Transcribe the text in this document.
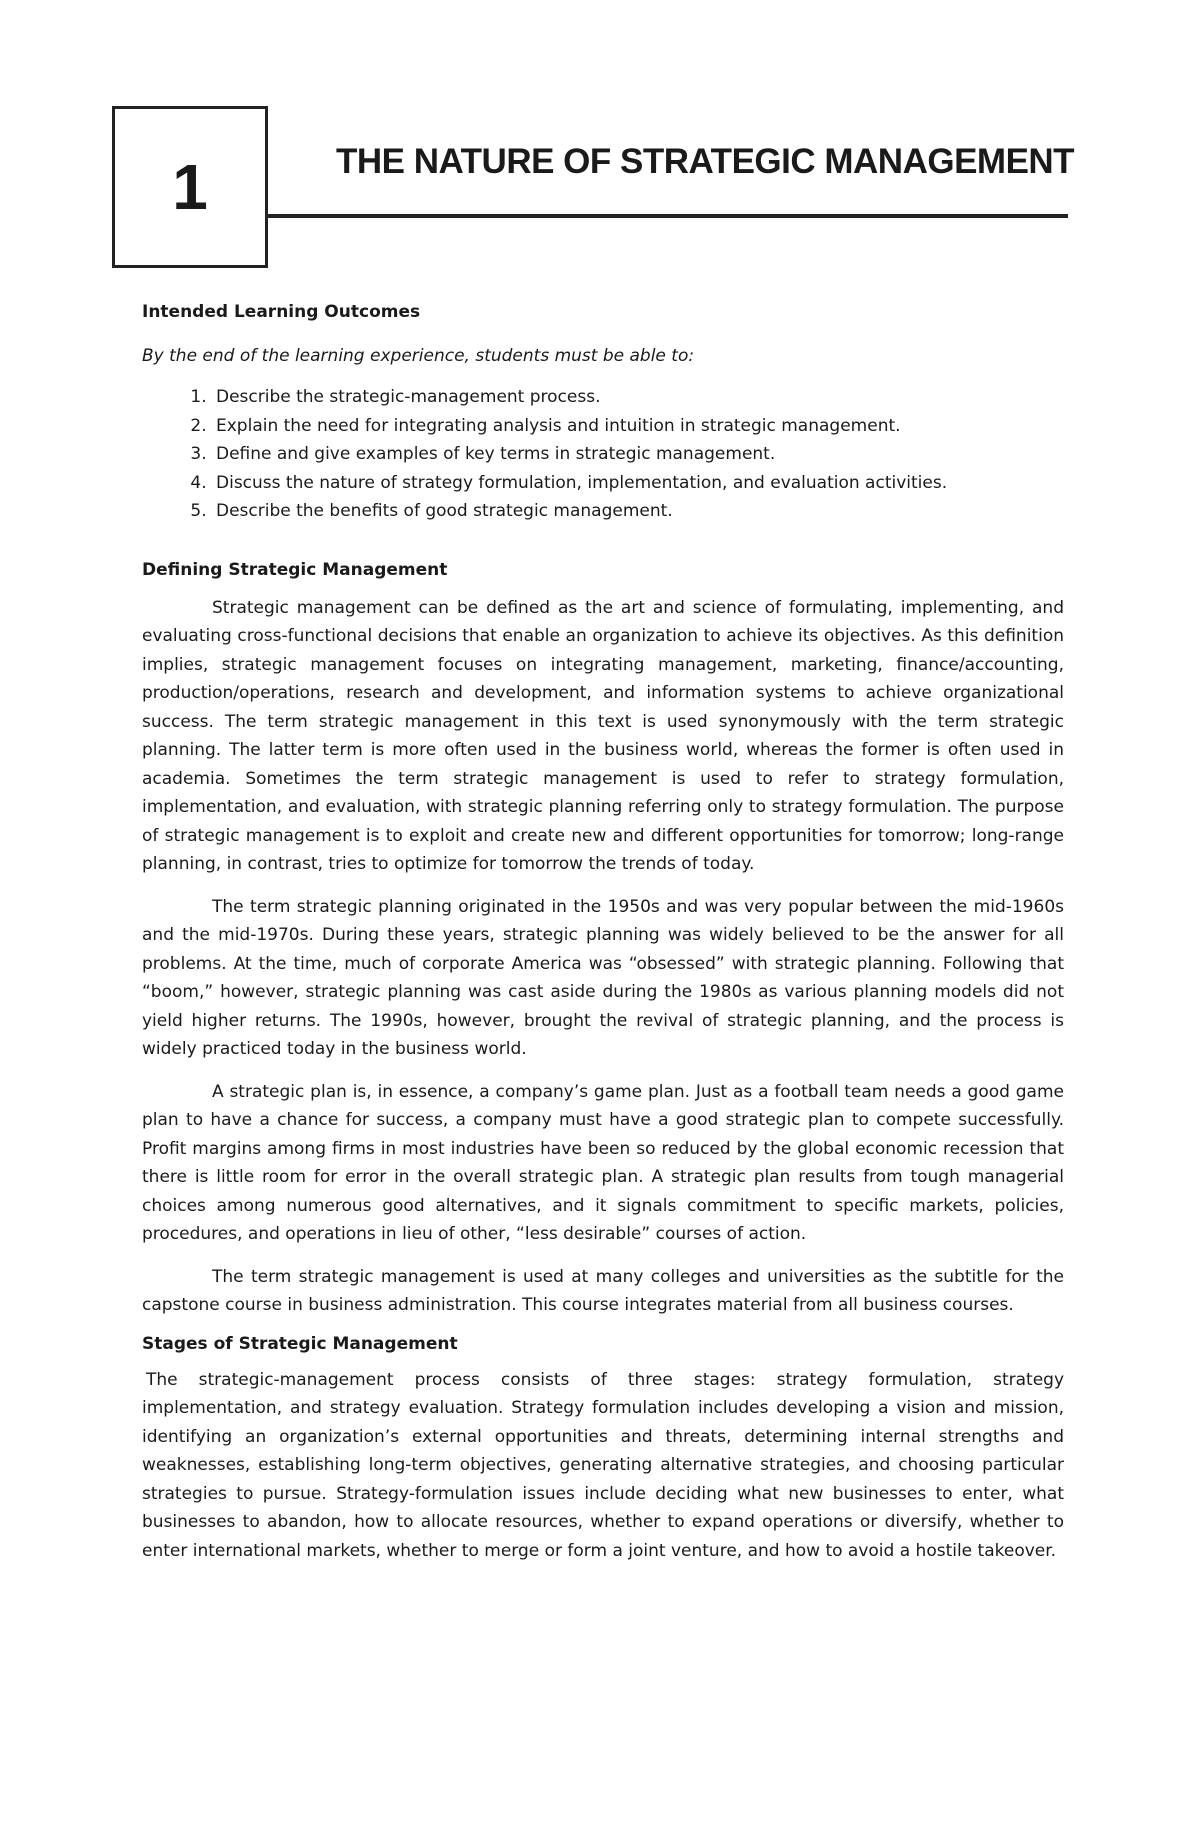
1	THE NATURE OF STRATEGIC MANAGEMENT
Intended Learning Outcomes

By the end of the learning experience, students must be able to:

1. Describe the strategic-management process.
2. Explain the need for integrating analysis and intuition in strategic management.
3. Define and give examples of key terms in strategic management.
4. Discuss the nature of strategy formulation, implementation, and evaluation activities.
5. Describe the benefits of good strategic management.
Defining Strategic Management

Strategic management can be defined as the art and science of formulating, implementing, and evaluating cross-functional decisions that enable an organization to achieve its objectives. As this definition implies, strategic management focuses on integrating management, marketing, finance/accounting, production/operations, research and development, and information systems to achieve organizational success. The term strategic management in this text is used synonymously with the term strategic planning. The latter term is more often used in the business world, whereas the former is often used in academia. Sometimes the term strategic management is used to refer to strategy formulation, implementation, and evaluation, with strategic planning referring only to strategy formulation. The purpose of strategic management is to exploit and create new and different opportunities for tomorrow; long-range planning, in contrast, tries to optimize for tomorrow the trends of today.

The term strategic planning originated in the 1950s and was very popular between the mid-1960s and the mid-1970s. During these years, strategic planning was widely believed to be the answer for all problems. At the time, much of corporate America was “obsessed” with strategic planning. Following that “boom,” however, strategic planning was cast aside during the 1980s as various planning models did not yield higher returns. The 1990s, however, brought the revival of strategic planning, and the process is widely practiced today in the business world.

A strategic plan is, in essence, a company’s game plan. Just as a football team needs a good game plan to have a chance for success, a company must have a good strategic plan to compete successfully. Profit margins among firms in most industries have been so reduced by the global economic recession that there is little room for error in the overall strategic plan. A strategic plan results from tough managerial choices among numerous good alternatives, and it signals commitment to specific markets, policies, procedures, and operations in lieu of other, “less desirable” courses of action.

The term strategic management is used at many colleges and universities as the subtitle for the capstone course in business administration. This course integrates material from all business courses.

Stages of Strategic Management

The strategic-management process consists of three stages: strategy formulation, strategy implementation, and strategy evaluation. Strategy formulation includes developing a vision and mission, identifying an organization’s external opportunities and threats, determining internal strengths and weaknesses, establishing long-term objectives, generating alternative strategies, and choosing particular strategies to pursue. Strategy-formulation issues include deciding what new businesses to enter, what businesses to abandon, how to allocate resources, whether to expand operations or diversify, whether to enter international markets, whether to merge or form a joint venture, and how to avoid a hostile takeover.
